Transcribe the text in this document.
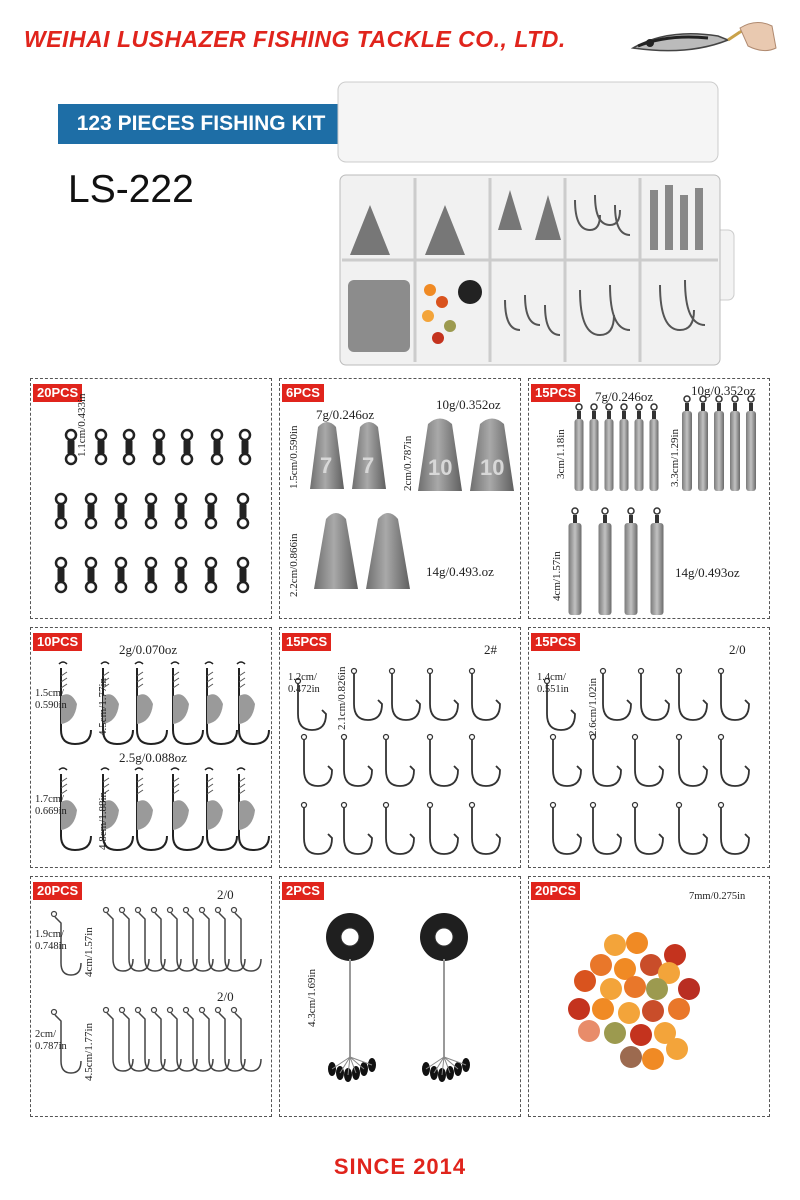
WEIHAI LUSHAZER FISHING TACKLE CO., LTD.
123 PIECES FISHING KIT
LS-222
20PCS
1.1cm/0.433in
6PCS
7g/0.246oz
10g/0.352oz
14g/0.493.oz
1.5cm/0.590in	2cm/0.787in
2.2cm/0.866in
7 7 10 10
15PCS	7g/0.246oz	10g/0.352oz
14g/0.493oz
3cm/1.18in	3.3cm/1.29in
4cm/1.57in
10PCS
2g/0.070oz
2.5g/0.088oz
1.5cm/
0.590in	4.5cm/1.77in
1.7cm/
0.669in	4.8cm/1.88in
15PCS
2#
1.2cm/
0.472in 2.1cm/0.826in
15PCS
2/0
1.4cm/
0.551in 2.6cm/1.02in
20PCS	2/0
2/0
1.9cm/
0.748in 4cm/1.57in
2cm/
0.787in 4.5cm/1.77in
2PCS
4.3cm/1.69in
20PCS	7mm/0.275in
SINCE 2014
